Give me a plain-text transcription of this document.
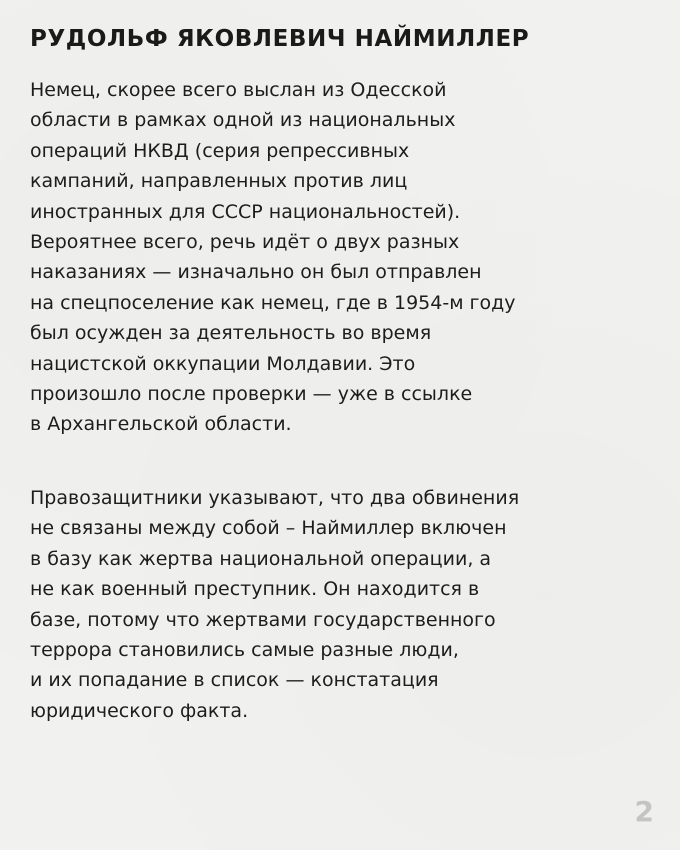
РУДОЛЬФ ЯКОВЛЕВИЧ НАЙМИЛЛЕР
Немец, скорее всего выслан из Одесской
области в рамках одной из национальных
операций НКВД (серия репрессивных
кампаний, направленных против лиц
иностранных для СССР национальностей).
Вероятнее всего, речь идёт о двух разных
наказаниях — изначально он был отправлен
на спецпоселение как немец, где в 1954-м году
был осужден за деятельность во время
нацистской оккупации Молдавии. Это
произошло после проверки — уже в ссылке
в Архангельской области.
Правозащитники указывают, что два обвинения
не связаны между собой – Наймиллер включен
в базу как жертва национальной операции, а
не как военный преступник. Он находится в
базе, потому что жертвами государственного
террора становились самые разные люди,
и их попадание в список — констатация
юридического факта.
2
